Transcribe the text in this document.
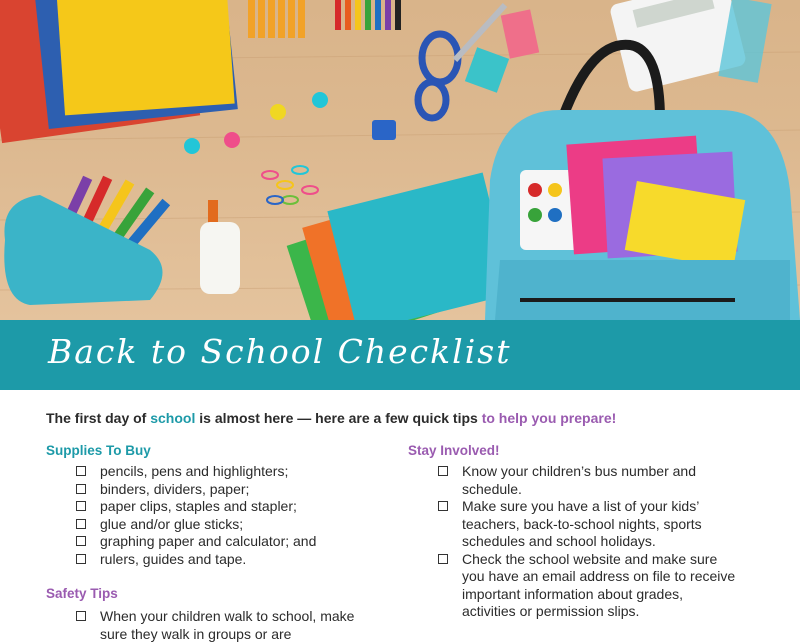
Back to School Checklist
The first day of school is almost here — here are a few quick tips to help you prepare!
Supplies To Buy
pencils, pens and highlighters;
binders, dividers, paper;
paper clips, staples and stapler;
glue and/or glue sticks;
graphing paper and calculator; and
rulers, guides and tape.
Safety Tips
When your children walk to school, make sure they walk in groups or are
Stay Involved!
Know your children’s bus number and schedule.
Make sure you have a list of your kids’ teachers, back-to-school nights, sports schedules and school holidays.
Check the school website and make sure you have an email address on file to receive important information about grades, activities or permission slips.
